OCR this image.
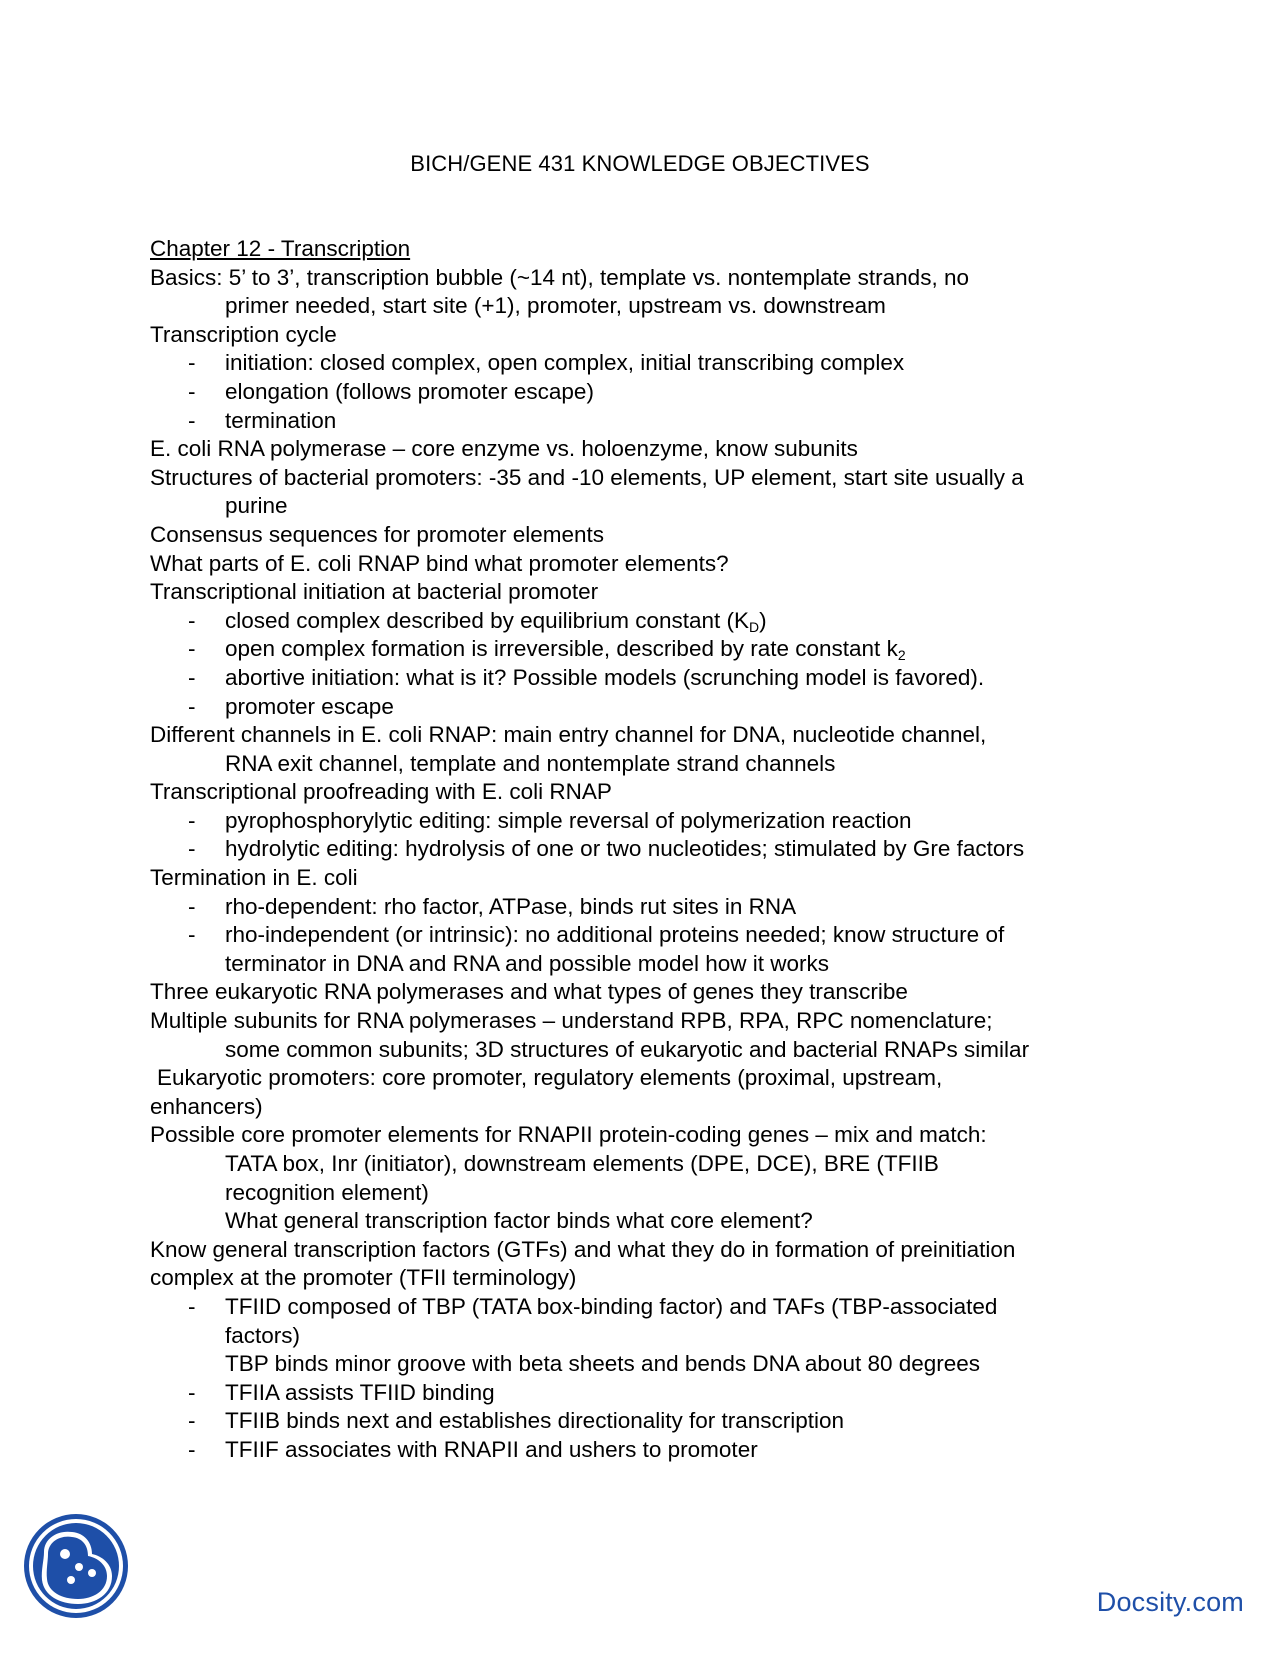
BICH/GENE 431 KNOWLEDGE OBJECTIVES
Chapter 12 - Transcription
Basics: 5’ to 3’, transcription bubble (~14 nt), template vs. nontemplate strands, no
primer needed, start site (+1), promoter, upstream vs. downstream
Transcription cycle
- initiation: closed complex, open complex, initial transcribing complex
- elongation (follows promoter escape)
- termination
E. coli RNA polymerase – core enzyme vs. holoenzyme, know subunits
Structures of bacterial promoters: -35 and -10 elements, UP element, start site usually a
purine
Consensus sequences for promoter elements
What parts of E. coli RNAP bind what promoter elements?
Transcriptional initiation at bacterial promoter
- closed complex described by equilibrium constant $(K_D)$
- open complex formation is irreversible, described by rate constant $k_2$
- abortive initiation: what is it? Possible models (scrunching model is favored).
- promoter escape
Different channels in E. coli RNAP: main entry channel for DNA, nucleotide channel,
RNA exit channel, template and nontemplate strand channels
Transcriptional proofreading with E. coli RNAP
- pyrophosphorylytic editing: simple reversal of polymerization reaction
- hydrolytic editing: hydrolysis of one or two nucleotides; stimulated by Gre factors
Termination in E. coli
- rho-dependent: rho factor, ATPase, binds rut sites in RNA
- rho-independent (or intrinsic): no additional proteins needed; know structure of
terminator in DNA and RNA and possible model how it works
Three eukaryotic RNA polymerases and what types of genes they transcribe
Multiple subunits for RNA polymerases – understand RPB, RPA, RPC nomenclature;
some common subunits; 3D structures of eukaryotic and bacterial RNAPs similar
Eukaryotic promoters: core promoter, regulatory elements (proximal, upstream,
enhancers)
Possible core promoter elements for RNAPII protein-coding genes – mix and match:
TATA box, Inr (initiator), downstream elements (DPE, DCE), BRE (TFIIB
recognition element)
What general transcription factor binds what core element?
Know general transcription factors (GTFs) and what they do in formation of preinitiation
complex at the promoter (TFII terminology)
- TFIID composed of TBP (TATA box-binding factor) and TAFs (TBP-associated
factors)
TBP binds minor groove with beta sheets and bends DNA about 80 degrees
- TFIIA assists TFIID binding
- TFIIB binds next and establishes directionality for transcription
- TFIIF associates with RNAPII and ushers to promoter
Docsity.com
